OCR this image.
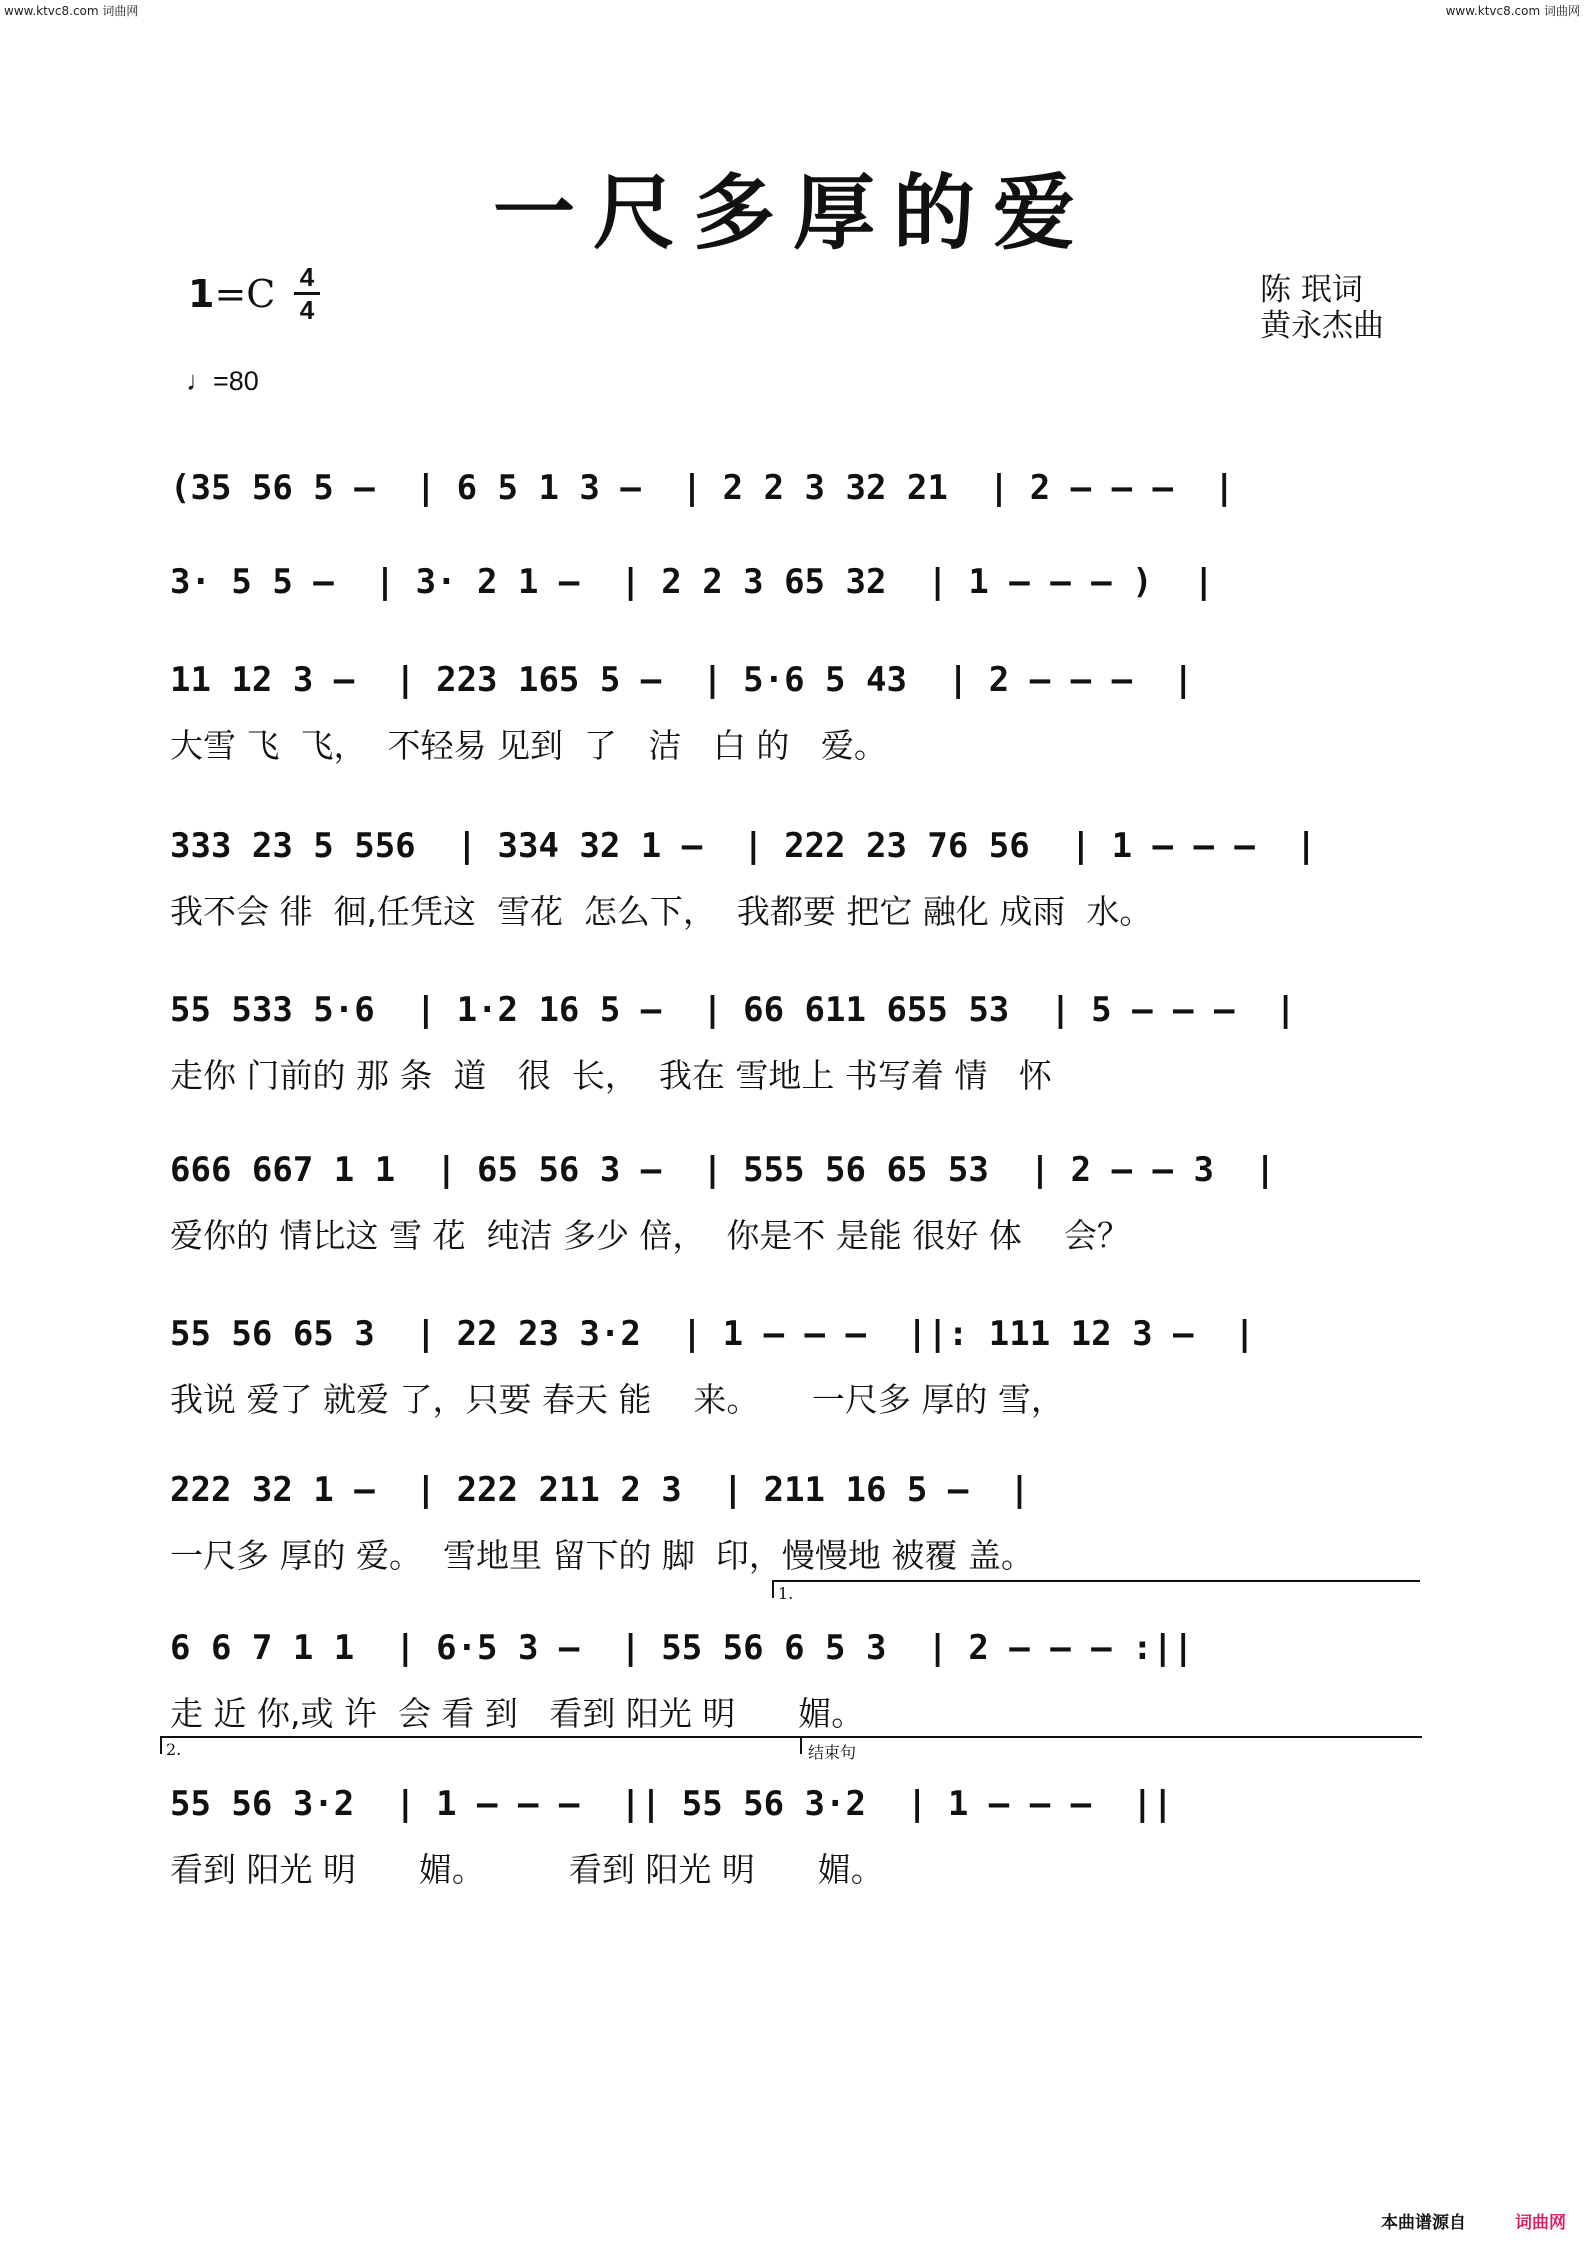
www.ktvc8.com 词曲网	www.ktvc8.com 词曲网
一尺多厚的爱
1=C 4
4
♩=80
陈 珉词
黄永杰曲
(35 56 5 –  | 6 5 1 3 –  | 2 2 3 32 21  | 2 – – –  |
3· 5 5 –  | 3· 2 1 –  | 2 2 3 65 32  | 1 – – – )  |
11 12 3 –  | 223 165 5 –  | 5·6 5 43  | 2 – – –  |
大雪 飞  飞，  不轻易 见到  了   洁   白 的   爱。
333 23 5 556  | 334 32 1 –  | 222 23 76 56  | 1 – – –  |
我不会 徘  徊,任凭这  雪花  怎么下，  我都要 把它 融化 成雨  水。
55 533 5·6  | 1·2 16 5 –  | 66 611 655 53  | 5 – – –  |
走你 门前的 那 条  道   很  长，  我在 雪地上 书写着 情   怀
666 667 1 1  | 65 56 3 –  | 555 56 65 53  | 2 – – 3  |
爱你的 情比这 雪 花  纯洁 多少 倍，  你是不 是能 很好 体    会？
55 56 65 3  | 22 23 3·2  | 1 – – –  ||: 111 12 3 –  |
我说 爱了 就爱 了，只要 春天 能    来。     一尺多 厚的 雪，
222 32 1 –  | 222 211 2 3  | 211 16 5 –  |
一尺多 厚的 爱。  雪地里 留下的 脚  印，慢慢地 被覆 盖。
1.
6 6 7 1 1  | 6·5 3 –  | 55 56 6 5 3  | 2 – – – :||
走 近 你,或 许  会 看 到   看到 阳光 明      媚。
2.	结束句
55 56 3·2  | 1 – – –  || 55 56 3·2  | 1 – – –  ||
看到 阳光 明      媚。        看到 阳光 明      媚。
本曲谱源自	词曲网
